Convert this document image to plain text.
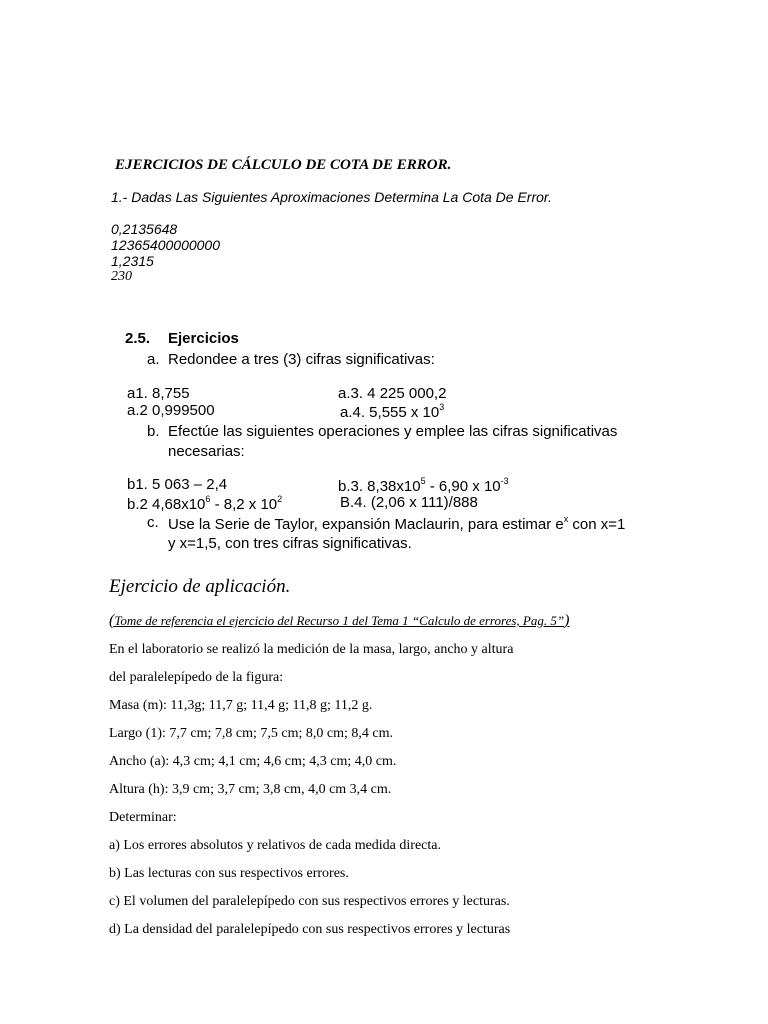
EJERCICIOS DE CÁLCULO DE COTA DE ERROR.
1.- Dadas Las Siguientes Aproximaciones Determina La Cota De Error.
0,2135648
12365400000000
1,2315
230
2.5. Ejercicios
a. Redondee a tres (3) cifras significativas:
a1. 8,755	a.3. 4 225 000,2
a.2 0,999500	a.4. 5,555 x $10^3$
b. Efectúe las siguientes operaciones y emplee las cifras significativas
necesarias:
b1. 5 063 – 2,4	b.3. $8,38x10^5 - 6,90$ x $10^{-3}$
b.2 $4,68x10^6 - 8,2$ x $10^2$	B.4. (2,06 x 111)/888
c. Use la Serie de Taylor, expansión Maclaurin, para estimar $e^x$ con x=1
y x=1,5, con tres cifras significativas.
Ejercicio de aplicación.
(Tome de referencia el ejercicio del Recurso 1 del Tema 1 “Calculo de errores, Pag. 5”)
En el laboratorio se realizó la medición de la masa, largo, ancho y altura
del paralelepípedo de la figura:
Masa (m): 11,3g; 11,7 g; 11,4 g; 11,8 g; 11,2 g.
Largo (1): 7,7 cm; 7,8 cm; 7,5 cm; 8,0 cm; 8,4 cm.
Ancho (a): 4,3 cm; 4,1 cm; 4,6 cm; 4,3 cm; 4,0 cm.
Altura (h): 3,9 cm; 3,7 cm; 3,8 cm, 4,0 cm 3,4 cm.
Determinar:
a) Los errores absolutos y relativos de cada medida directa.
b) Las lecturas con sus respectivos errores.
c) El volumen del paralelepípedo con sus respectivos errores y lecturas.
d) La densidad del paralelepípedo con sus respectivos errores y lecturas
